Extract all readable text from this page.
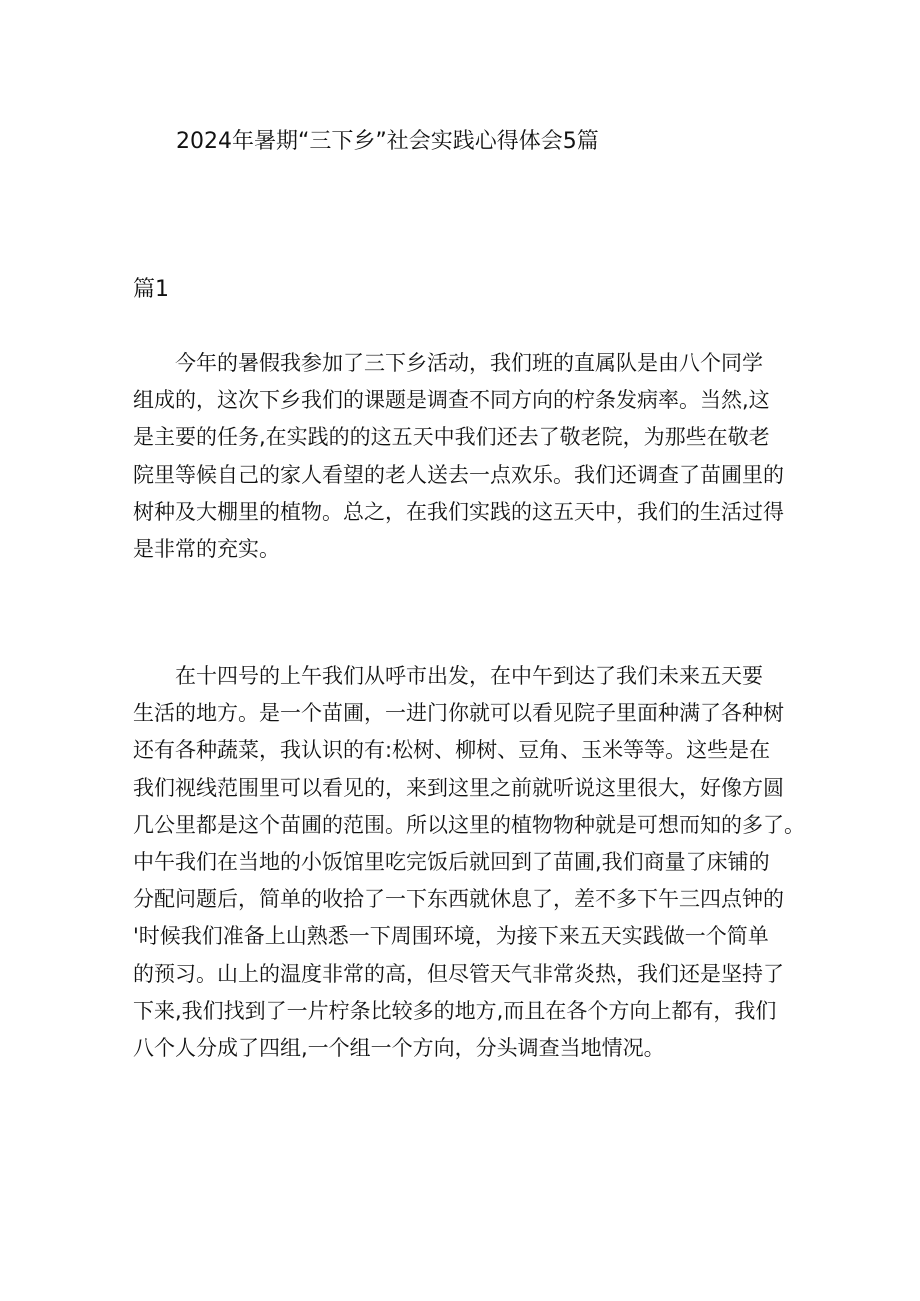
2024年暑期“三下乡”社会实践心得体会5篇
篇1

　　今年的暑假我参加了三下乡活动，我们班的直属队是由八个同学
组成的，这次下乡我们的课题是调查不同方向的柠条发病率。当然,这
是主要的任务,在实践的的这五天中我们还去了敬老院，为那些在敬老
院里等候自己的家人看望的老人送去一点欢乐。我们还调查了苗圃里的
树种及大棚里的植物。总之，在我们实践的这五天中，我们的生活过得
是非常的充实。

　　在十四号的上午我们从呼市出发，在中午到达了我们未来五天要
生活的地方。是一个苗圃，一进门你就可以看见院子里面种满了各种树
还有各种蔬菜，我认识的有:松树、柳树、豆角、玉米等等。这些是在
我们视线范围里可以看见的，来到这里之前就听说这里很大，好像方圆
几公里都是这个苗圃的范围。所以这里的植物物种就是可想而知的多了。
中午我们在当地的小饭馆里吃完饭后就回到了苗圃,我们商量了床铺的
分配问题后，简单的收拾了一下东西就休息了，差不多下午三四点钟的
'时候我们准备上山熟悉一下周围环境，为接下来五天实践做一个简单
的预习。山上的温度非常的高，但尽管天气非常炎热，我们还是坚持了
下来,我们找到了一片柠条比较多的地方,而且在各个方向上都有，我们
八个人分成了四组,一个组一个方向，分头调查当地情况。
